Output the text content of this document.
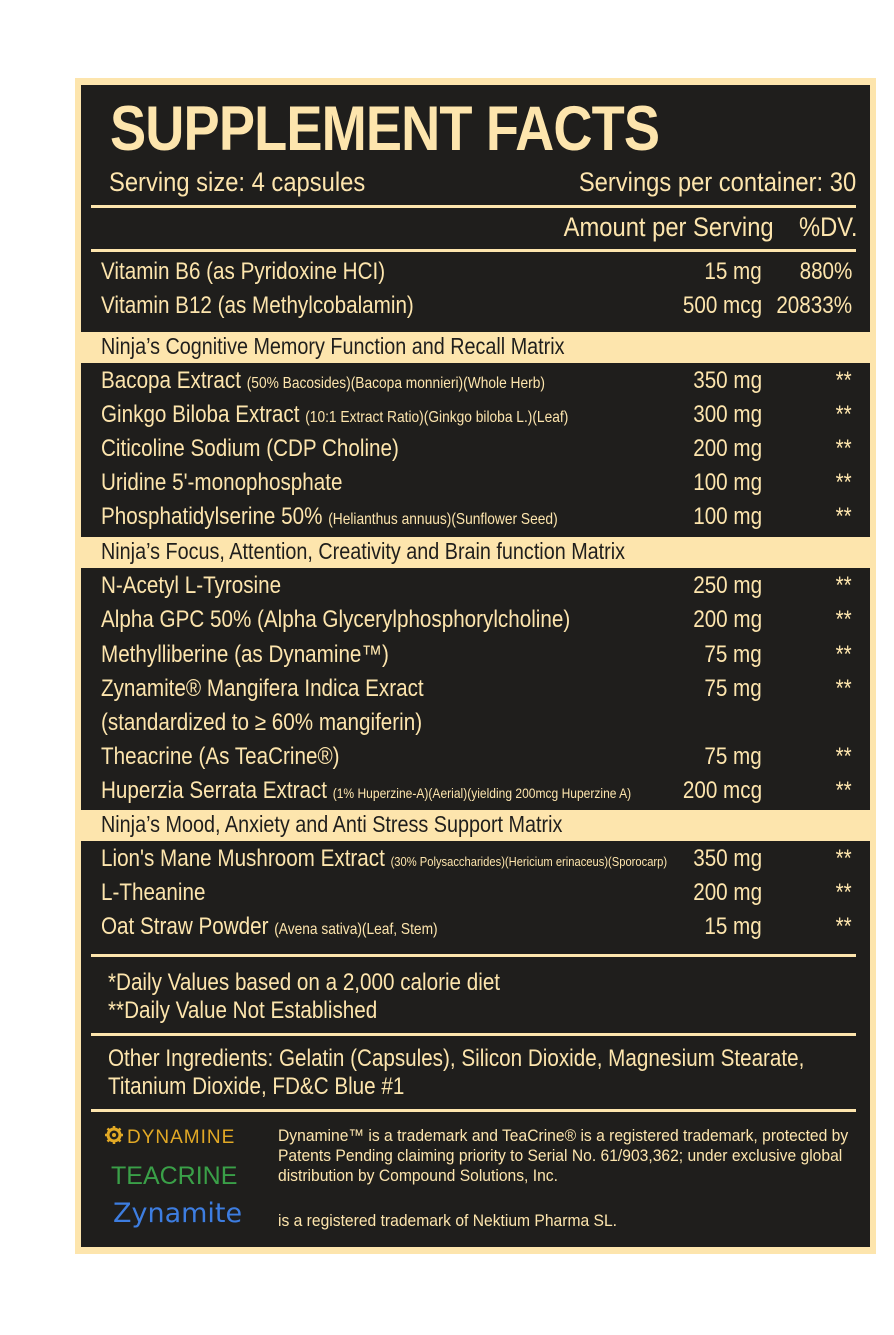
SUPPLEMENT FACTS
Serving size: 4 capsules	Servings per container: 30
Amount per Serving %DV.
Vitamin B6 (as Pyridoxine HCI)	15 mg 880%
Vitamin B12 (as Methylcobalamin)	500 mcg 20833%
Ninja’s Cognitive Memory Function and Recall Matrix
Bacopa Extract (50% Bacosides)(Bacopa monnieri)(Whole Herb)	350 mg	**
Ginkgo Biloba Extract (10:1 Extract Ratio)(Ginkgo biloba L.)(Leaf)	300 mg	**
Citicoline Sodium (CDP Choline)	200 mg	**
Uridine 5'-monophosphate	100 mg	**
Phosphatidylserine 50% (Helianthus annuus)(Sunflower Seed)	100 mg	**
Ninja’s Focus, Attention, Creativity and Brain function Matrix
N-Acetyl L-Tyrosine	250 mg	**
Alpha GPC 50% (Alpha Glycerylphosphorylcholine)	200 mg	**
Methylliberine (as Dynamine™)	75 mg	**
Zynamite® Mangifera Indica Exract	75 mg	**
(standardized to ≥ 60% mangiferin)
Theacrine (As TeaCrine®)	75 mg	**
Huperzia Serrata Extract (1% Huperzine-A)(Aerial)(yielding 200mcg Huperzine A) 200 mcg	**
Ninja’s Mood, Anxiety and Anti Stress Support Matrix
Lion's Mane Mushroom Extract (30% Polysaccharides)(Hericium erinaceus)(Sporocarp) 350 mg	**
L-Theanine	200 mg	**
Oat Straw Powder (Avena sativa)(Leaf, Stem)	15 mg	**
*Daily Values based on a 2,000 calorie diet
**Daily Value Not Established
Other Ingredients: Gelatin (Capsules), Silicon Dioxide, Magnesium Stearate,
Titanium Dioxide, FD&C Blue #1
DYNAMINE
TEACRINE
Zynamite
Dynamine™ is a trademark and TeaCrine® is a registered trademark, protected by
Patents Pending claiming priority to Serial No. 61/903,362; under exclusive global
distribution by Compound Solutions, Inc.
is a registered trademark of Nektium Pharma SL.
